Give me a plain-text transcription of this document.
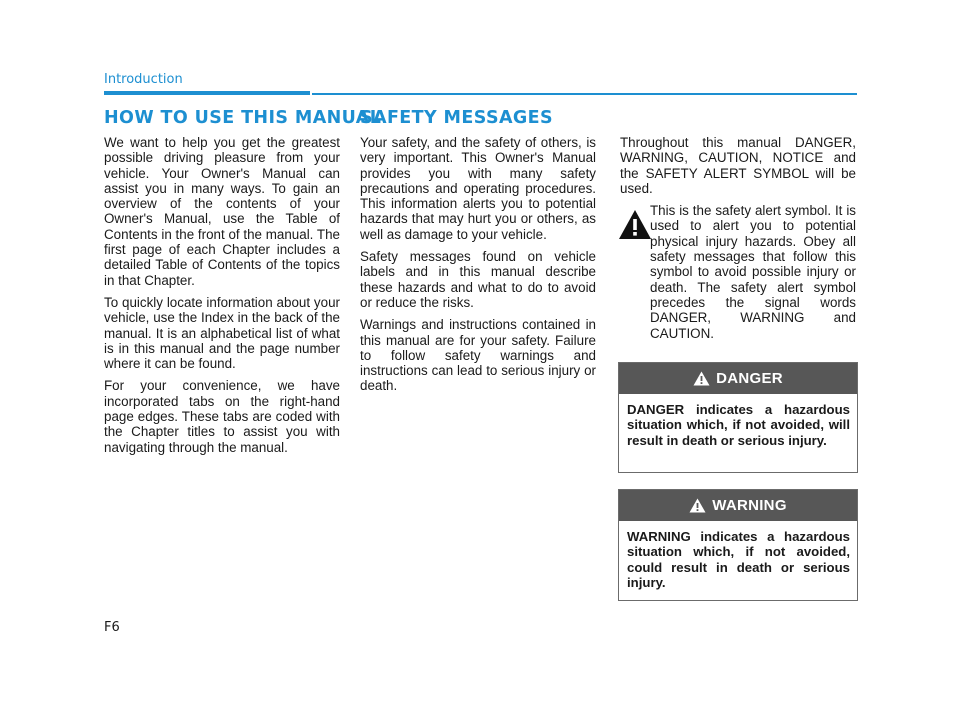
Introduction
HOW TO USE THIS MANUAL
SAFETY MESSAGES

We want to help you get the greatest possible driving pleasure from your vehicle. Your Owner's Manual can assist you in many ways. To gain an overview of the contents of your Owner's Manual, use the Table of Contents in the front of the manual. The first page of each Chapter includes a detailed Table of Contents of the topics in that Chapter.

To quickly locate information about your vehicle, use the Index in the back of the manual. It is an alphabetical list of what is in this manual and the page number where it can be found.

For your convenience, we have incorporated tabs on the right-hand page edges. These tabs are coded with the Chapter titles to assist you with navigating through the manual.

Your safety, and the safety of others, is very important. This Owner's Manual provides you with many safety precautions and operating procedures. This information alerts you to potential hazards that may hurt you or others, as well as damage to your vehicle.

Safety messages found on vehicle labels and in this manual describe these hazards and what to do to avoid or reduce the risks.

Warnings and instructions contained in this manual are for your safety. Failure to follow safety warnings and instructions can lead to serious injury or death.

Throughout this manual DANGER, WARNING, CAUTION, NOTICE and the SAFETY ALERT SYMBOL will be used.

This is the safety alert symbol. It is used to alert you to potential physical injury hazards. Obey all safety messages that follow this symbol to avoid possible injury or death. The safety alert symbol precedes the signal words DANGER, WARNING and CAUTION.
DANGER
DANGER indicates a hazardous situation which, if not avoided, will result in death or serious injury.
WARNING
WARNING indicates a hazardous situation which, if not avoided, could result in death or serious injury.
F6
